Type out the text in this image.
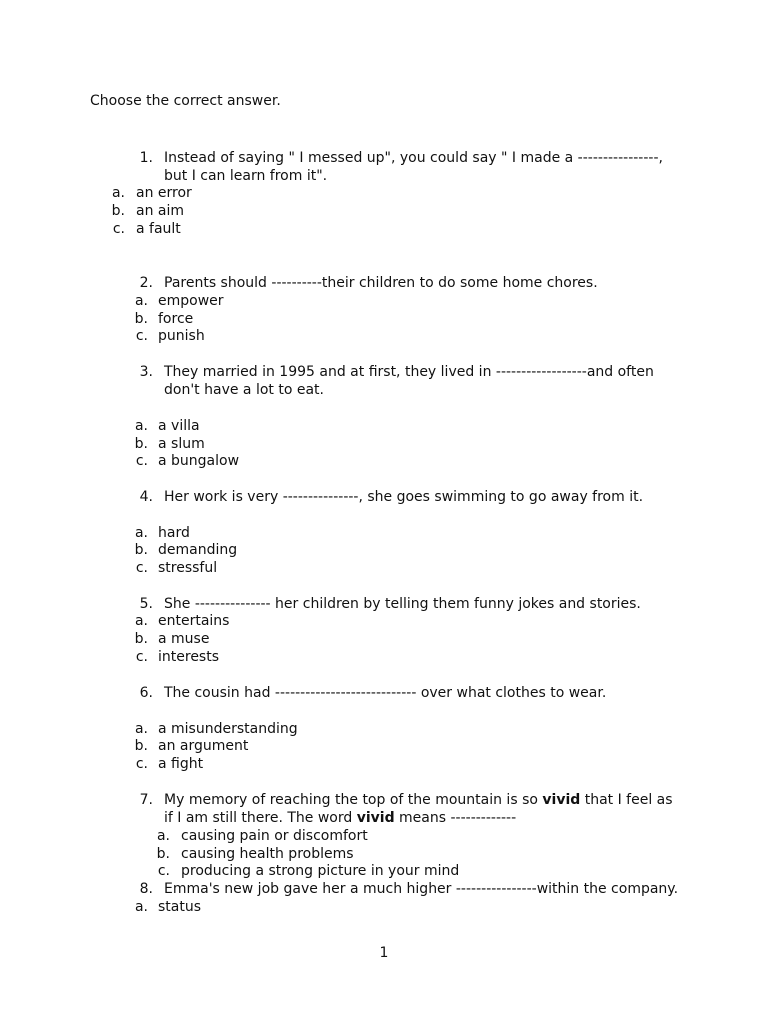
Choose the correct answer.
1. Instead of saying " I messed up", you could say " I made a ----------------,
but I can learn from it".
a. an error
b. an aim
c. a fault
2. Parents should ----------their children to do some home chores.
a. empower
b. force
c. punish
3. They married in 1995 and at first, they lived in ------------------and often
don't have a lot to eat.
a. a villa
b. a slum
c. a bungalow
4. Her work is very ---------------, she goes swimming to go away from it.
a. hard
b. demanding
c. stressful
5. She --------------- her children by telling them funny jokes and stories.
a. entertains
b. a muse
c. interests
6. The cousin had ---------------------------- over what clothes to wear.
a. a misunderstanding
b. an argument
c. a fight
7. My memory of reaching the top of the mountain is so vivid that I feel as
if I am still there. The word vivid means -------------
a. causing pain or discomfort
b. causing health problems
c. producing a strong picture in your mind
8. Emma's new job gave her a much higher ----------------within the company.
a. status
1
